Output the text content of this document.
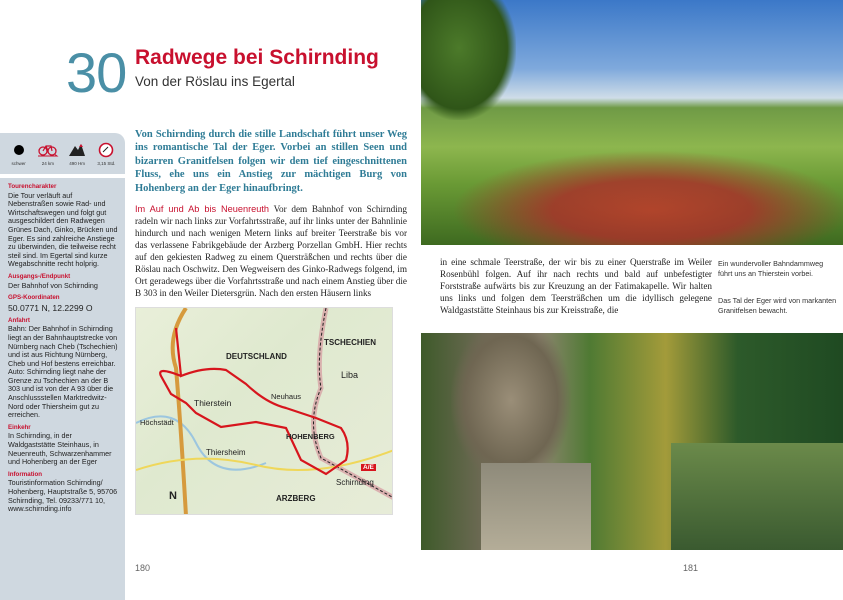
30 Radwege bei Schirnding
Von der Röslau ins Egertal
schwer	24 km	490 Hm	3,15 Std.
Tourencharakter
Die Tour verläuft auf Nebenstraßen sowie Rad- und Wirtschaftswegen und folgt gut ausgeschildert den Radwegen Grünes Dach, Ginko, Brücken und Eger. Es sind zahlreiche Anstiege zu überwinden, die teilweise recht steil sind. Im Egertal sind kurze Wegabschnitte recht holprig.
Ausgangs-/Endpunkt
Der Bahnhof von Schirnding
GPS-Koordinaten
50.0771 N, 12.2299 O
Anfahrt
Bahn: Der Bahnhof in Schirnding liegt an der Bahnhauptstrecke von Nürnberg nach Cheb (Tschechien) und ist aus Richtung Nürnberg, Cheb und Hof bestens erreichbar. Auto: Schirnding liegt nahe der Grenze zu Tschechien an der B 303 und ist von der A 93 über die Anschlussstellen Marktredwitz-Nord oder Thiersheim gut zu erreichen.
Einkehr
In Schirnding, in der Waldgaststätte Steinhaus, in Neuenreuth, Schwarzenhammer und Hohenberg an der Eger
Information
Touristinformation Schirnding/ Hohenberg, Hauptstraße 5, 95706 Schirnding, Tel. 09233/771 10, www.schirnding.info
Von Schirnding durch die stille Landschaft führt unser Weg ins romantische Tal der Eger. Vorbei an stillen Seen und bizarren Granitfelsen folgen wir dem tief eingeschnittenen Fluss, ehe uns ein Anstieg zur mächtigen Burg von Hohenberg an der Eger hinaufbringt.
Im Auf und Ab bis Neuenreuth Vor dem Bahnhof von Schirnding radeln wir nach links zur Vorfahrtsstraße, auf ihr links unter der Bahnlinie hindurch und nach wenigen Metern links auf breiter Teerstraße bis vor das verlassene Fabrikgebäude der Arzberg Porzellan GmbH. Hier rechts auf den gekiesten Radweg zu einem Quersträßchen und rechts über die Röslau nach Oschwitz. Den Wegweisern des Ginko-Radwegs folgend, im Ort geradewegs über die Vorfahrtsstraße und nach einem Anstieg über die B 303 in den Weiler Dietersgrün. Nach den ersten Häusern links
DEUTSCHLAND
TSCHECHIEN
Liba
Thierstein
Neuhaus
HOHENBERG
Höchstädt
Thiersheim
Schirnding
A/E
ARZBERG
N
180
in eine schmale Teerstraße, der wir bis zu einer Querstraße im Weiler Rosenbühl folgen. Auf ihr nach rechts und bald auf unbefestigter Forststraße aufwärts bis zur Kreuzung an der Fatimakapelle. Wir halten uns links und folgen dem Teersträßchen um die idyllisch gelegene Waldgaststätte Steinhaus bis zur Kreisstraße, die
Ein wundervoller Bahndammweg führt uns an Thierstein vorbei.
Das Tal der Eger wird von markanten Granitfelsen bewacht.
181
